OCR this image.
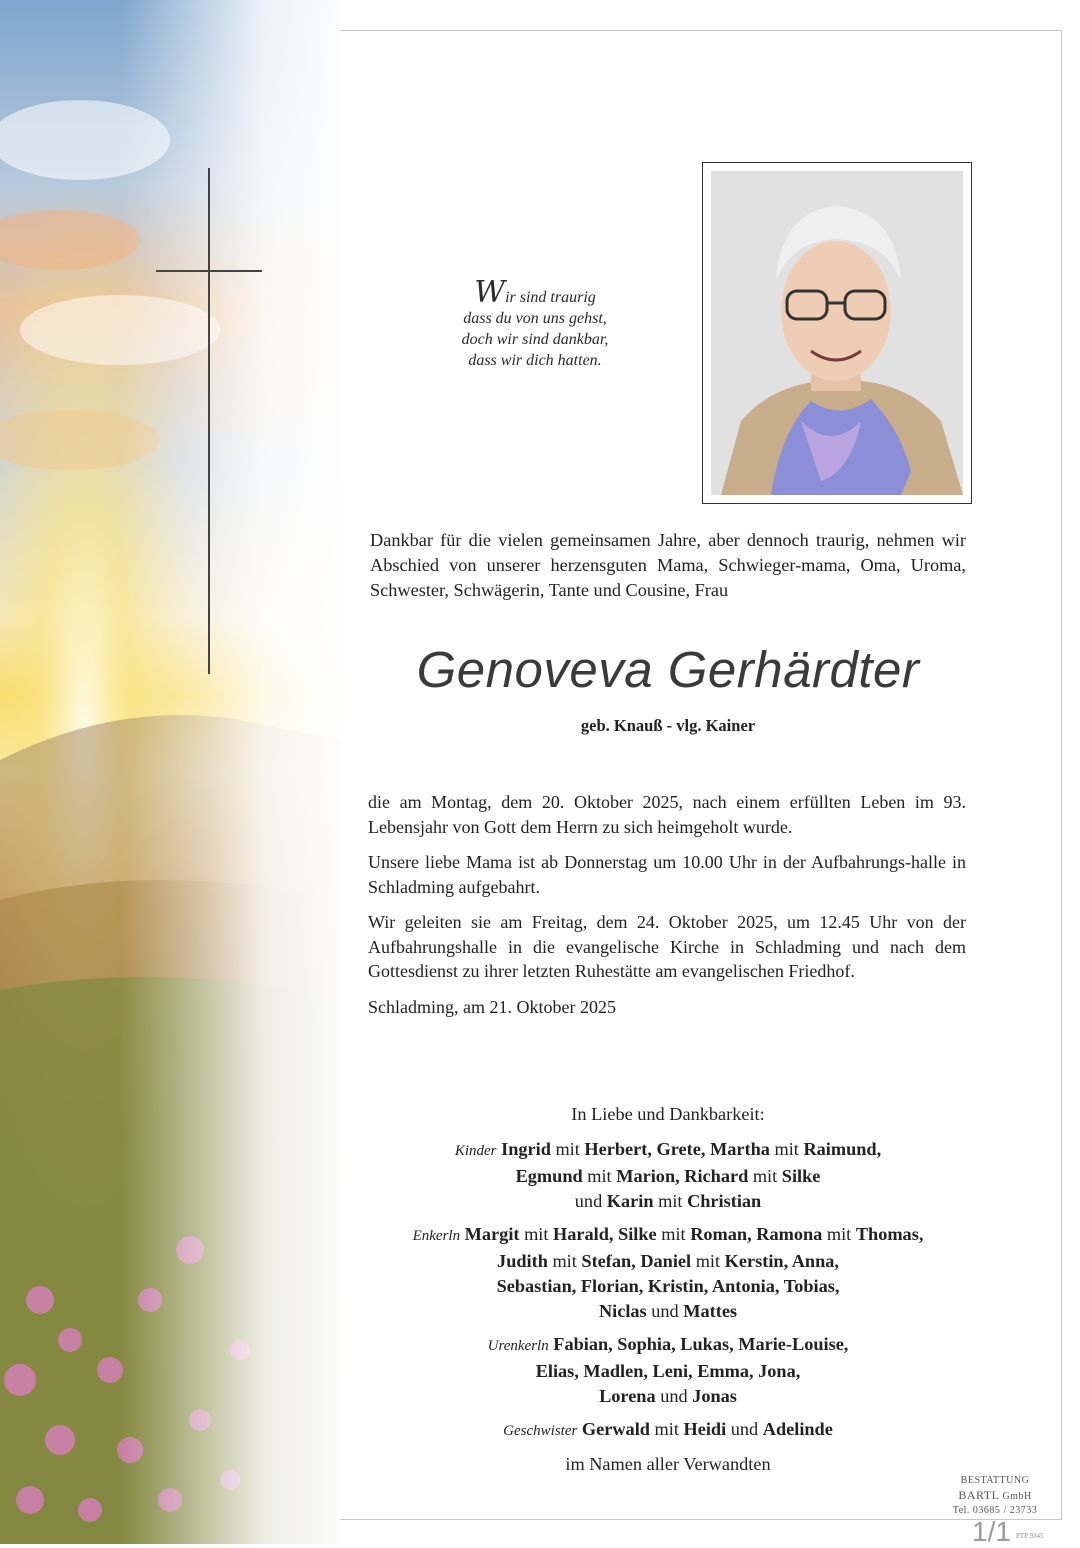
Wir sind traurig
dass du von uns gehst,
doch wir sind dankbar,
dass wir dich hatten.
Dankbar für die vielen gemeinsamen Jahre, aber dennoch traurig, nehmen wir Abschied von unserer herzensguten Mama, Schwieger-mama, Oma, Uroma, Schwester, Schwägerin, Tante und Cousine, Frau
Genoveva Gerhärdter
geb. Knauß - vlg. Kainer

die am Montag, dem 20. Oktober 2025, nach einem erfüllten Leben im 93. Lebensjahr von Gott dem Herrn zu sich heimgeholt wurde.

Unsere liebe Mama ist ab Donnerstag um 10.00 Uhr in der Aufbahrungs-halle in Schladming aufgebahrt.

Wir geleiten sie am Freitag, dem 24. Oktober 2025, um 12.45 Uhr von der Aufbahrungshalle in die evangelische Kirche in Schladming und nach dem Gottesdienst zu ihrer letzten Ruhestätte am evangelischen Friedhof.

Schladming, am 21. Oktober 2025

In Liebe und Dankbarkeit:
Kinder Ingrid mit Herbert, Grete, Martha mit Raimund,
Egmund mit Marion, Richard mit Silke
und Karin mit Christian
Enkerln Margit mit Harald, Silke mit Roman, Ramona mit Thomas,
Judith mit Stefan, Daniel mit Kerstin, Anna,
Sebastian, Florian, Kristin, Antonia, Tobias,
Niclas und Mattes
Urenkerln Fabian, Sophia, Lukas, Marie-Louise,
Elias, Madlen, Leni, Emma, Jona,
Lorena und Jonas
Geschwister Gerwald mit Heidi und Adelinde
im Namen aller Verwandten
BESTATTUNG
BARTL GmbH
Tel. 03685 / 23733
1/1 PTP 9345
